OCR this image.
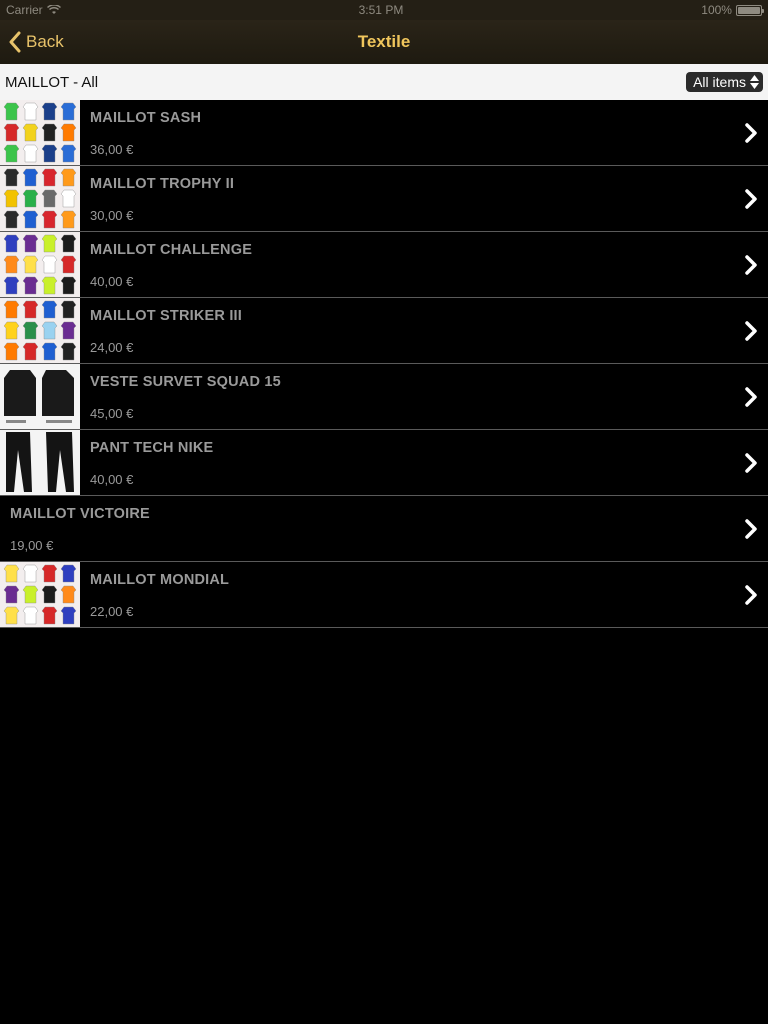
Carrier	3:51 PM	100%
Back	Textile
MAILLOT - All	All items
MAILLOT SASH
36,00 €
MAILLOT TROPHY II
30,00 €
MAILLOT CHALLENGE
40,00 €
MAILLOT STRIKER III
24,00 €
VESTE SURVET SQUAD 15
45,00 €
PANT TECH NIKE
40,00 €
MAILLOT VICTOIRE
19,00 €
MAILLOT MONDIAL
22,00 €
